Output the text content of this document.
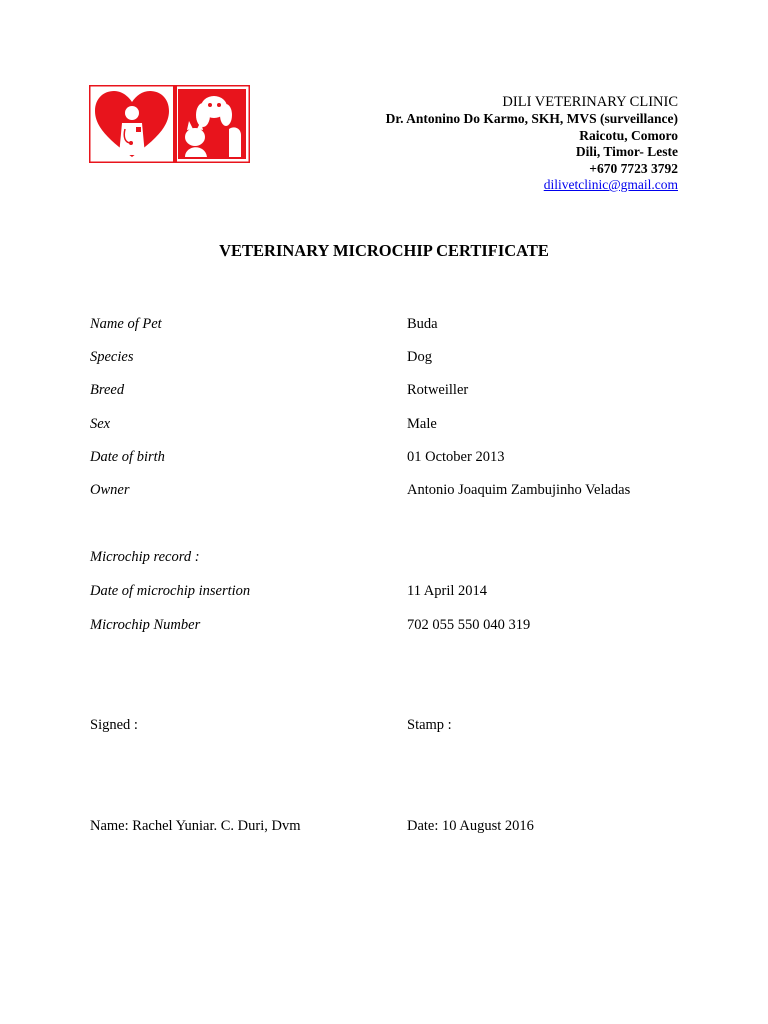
DILI VETERINARY CLINIC
Dr. Antonino Do Karmo, SKH, MVS (surveillance)
Raicotu, Comoro
Dili, Timor- Leste
+670 7723 3792
dilivetclinic@gmail.com
VETERINARY MICROCHIP CERTIFICATE
Name of Pet	Buda
Species	Dog
Breed	Rotweiller
Sex	Male
Date of birth	01 October 2013
Owner	Antonio Joaquim Zambujinho Veladas
Microchip record :
Date of microchip insertion	11 April 2014
Microchip Number	702 055 550 040 319
Signed :	Stamp :
Name: Rachel Yuniar. C. Duri, Dvm	Date: 10 August 2016
